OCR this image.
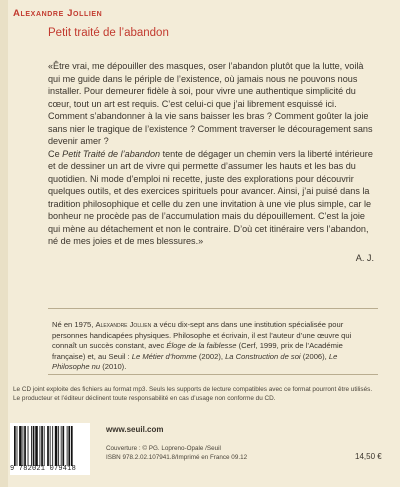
Alexandre Jollien
Petit traité de l’abandon

«Être vrai, me dépouiller des masques, oser l’abandon plutôt que la lutte, voilà qui me guide dans le périple de l’existence, où jamais nous ne pouvons nous installer. Pour demeurer fidèle à soi, pour vivre une authentique simplicité du cœur, tout un art est requis. C’est celui-ci que j’ai librement esquissé ici. Comment s’abandonner à la vie sans baisser les bras ? Comment goûter la joie sans nier le tragique de l’existence ? Comment traverser le découragement sans devenir amer ?

Ce Petit Traité de l’abandon tente de dégager un chemin vers la liberté intérieure et de dessiner un art de vivre qui permette d’assumer les hauts et les bas du quotidien. Ni mode d’emploi ni recette, juste des explorations pour découvrir quelques outils, et des exercices spirituels pour avancer. Ainsi, j’ai puisé dans la tradition philosophique et celle du zen une invitation à une vie plus simple, car le bonheur ne procède pas de l’accumulation mais du dépouillement. C’est la joie qui mène au détachement et non le contraire. D’où cet itinéraire vers l’abandon, né de mes joies et de mes blessures.»

A. J.

Né en 1975, Alexandre Jollien a vécu dix-sept ans dans une institution spécialisée pour personnes handicapées physiques. Philosophe et écrivain, il est l’auteur d’une œuvre qui connaît un succès constant, avec Éloge de la faiblesse (Cerf, 1999, prix de l’Académie française) et, au Seuil : Le Métier d’homme (2002), La Construction de soi (2006), Le Philosophe nu (2010).
Le CD joint exploite des fichiers au format mp3. Seuls les supports de lecture compatibles avec ce format pourront être utilisés.
Le producteur et l’éditeur déclinent toute responsabilité en cas d’usage non conforme du CD.
9 782021 079418
www.seuil.com
Couverture : © PG. Lopreno-Opale /Seuil
ISBN 978.2.02.107941.8/Imprimé en France 09.12	14,50 €
